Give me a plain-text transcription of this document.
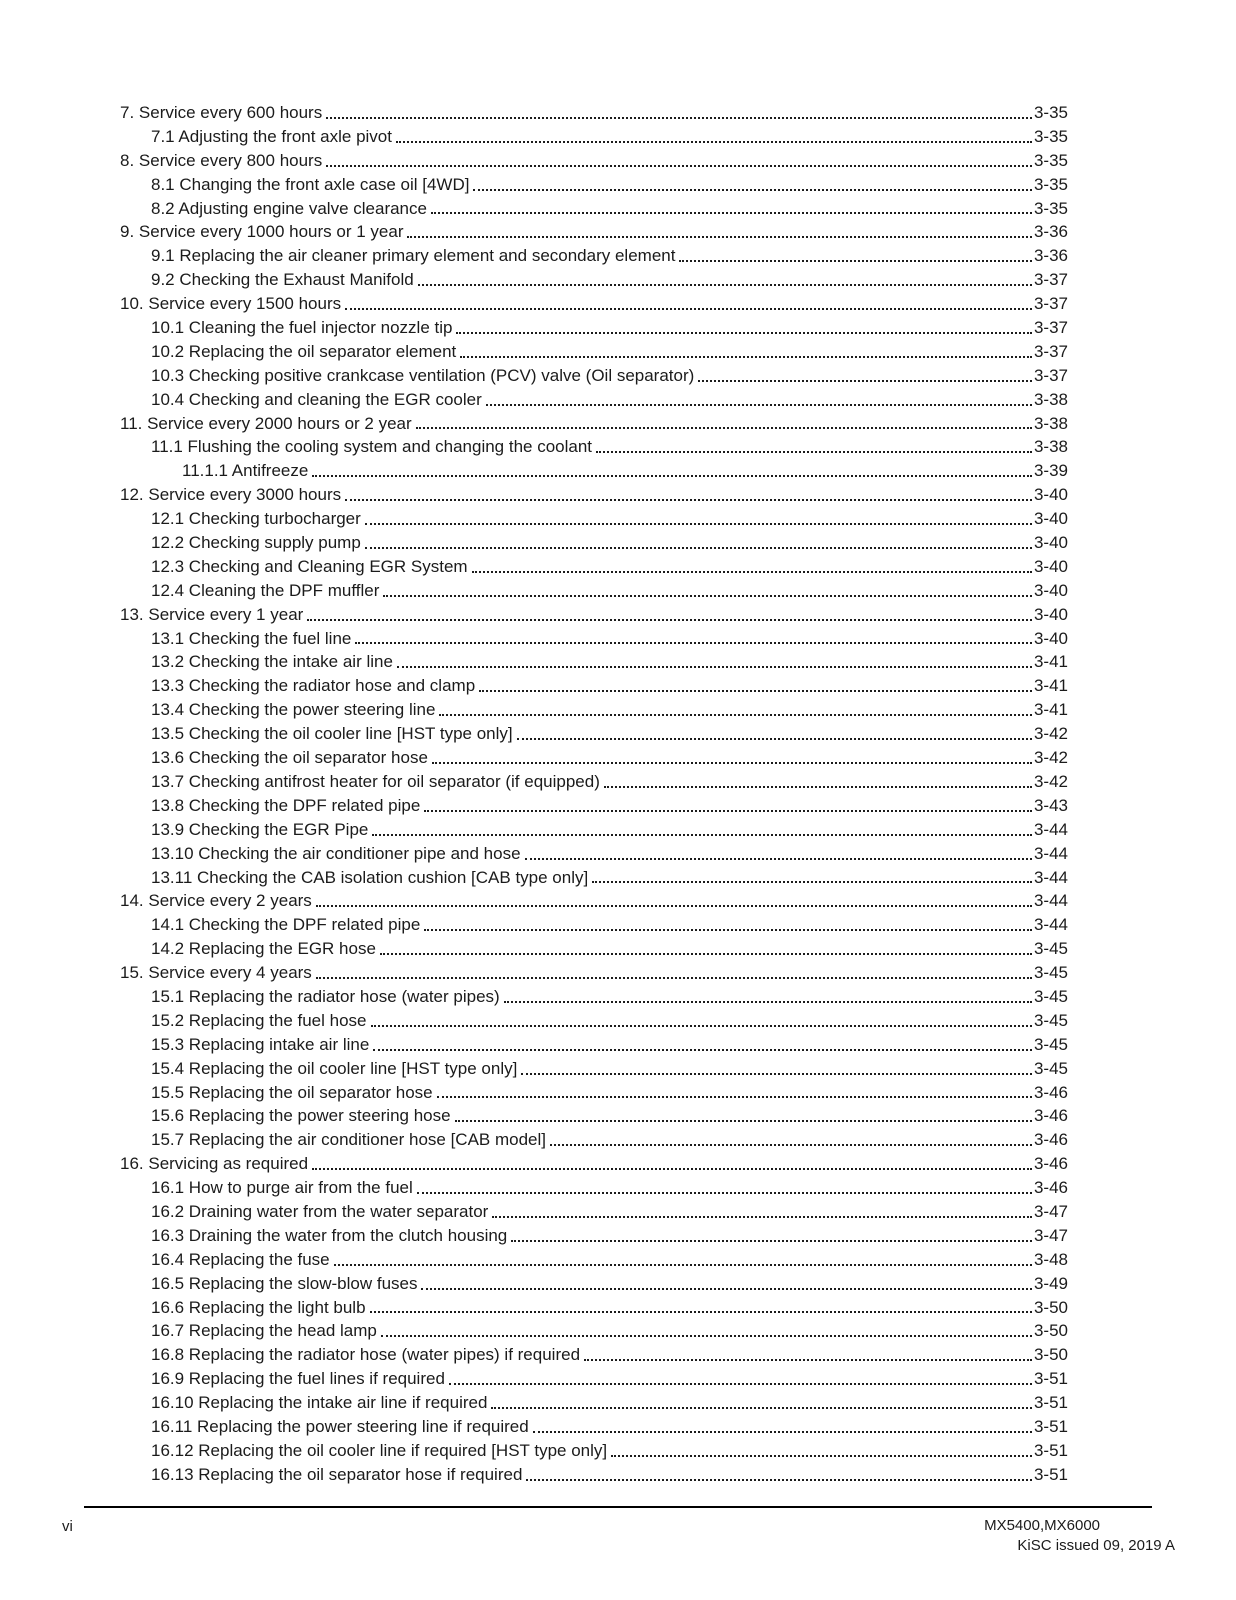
7. Service every 600 hours	3-35
7.1 Adjusting the front axle pivot	3-35
8. Service every 800 hours	3-35
8.1 Changing the front axle case oil [4WD]	3-35
8.2 Adjusting engine valve clearance	3-35
9. Service every 1000 hours or 1 year	3-36
9.1 Replacing the air cleaner primary element and secondary element	3-36
9.2 Checking the Exhaust Manifold	3-37
10. Service every 1500 hours	3-37
10.1 Cleaning the fuel injector nozzle tip	3-37
10.2 Replacing the oil separator element	3-37
10.3 Checking positive crankcase ventilation (PCV) valve (Oil separator)	3-37
10.4 Checking and cleaning the EGR cooler	3-38
11. Service every 2000 hours or 2 year	3-38
11.1 Flushing the cooling system and changing the coolant	3-38
11.1.1 Antifreeze	3-39
12. Service every 3000 hours	3-40
12.1 Checking turbocharger	3-40
12.2 Checking supply pump	3-40
12.3 Checking and Cleaning EGR System	3-40
12.4 Cleaning the DPF muffler	3-40
13. Service every 1 year	3-40
13.1 Checking the fuel line	3-40
13.2 Checking the intake air line	3-41
13.3 Checking the radiator hose and clamp	3-41
13.4 Checking the power steering line	3-41
13.5 Checking the oil cooler line [HST type only]	3-42
13.6 Checking the oil separator hose	3-42
13.7 Checking antifrost heater for oil separator (if equipped)	3-42
13.8 Checking the DPF related pipe	3-43
13.9 Checking the EGR Pipe	3-44
13.10 Checking the air conditioner pipe and hose	3-44
13.11 Checking the CAB isolation cushion [CAB type only]	3-44
14. Service every 2 years	3-44
14.1 Checking the DPF related pipe	3-44
14.2 Replacing the EGR hose	3-45
15. Service every 4 years	3-45
15.1 Replacing the radiator hose (water pipes)	3-45
15.2 Replacing the fuel hose	3-45
15.3 Replacing intake air line	3-45
15.4 Replacing the oil cooler line [HST type only]	3-45
15.5 Replacing the oil separator hose	3-46
15.6 Replacing the power steering hose	3-46
15.7 Replacing the air conditioner hose [CAB model]	3-46
16. Servicing as required	3-46
16.1 How to purge air from the fuel	3-46
16.2 Draining water from the water separator	3-47
16.3 Draining the water from the clutch housing	3-47
16.4 Replacing the fuse	3-48
16.5 Replacing the slow-blow fuses	3-49
16.6 Replacing the light bulb	3-50
16.7 Replacing the head lamp	3-50
16.8 Replacing the radiator hose (water pipes) if required	3-50
16.9 Replacing the fuel lines if required	3-51
16.10 Replacing the intake air line if required	3-51
16.11 Replacing the power steering line if required	3-51
16.12 Replacing the oil cooler line if required [HST type only]	3-51
16.13 Replacing the oil separator hose if required	3-51
vi	MX5400,MX6000
KiSC issued 09, 2019 A
